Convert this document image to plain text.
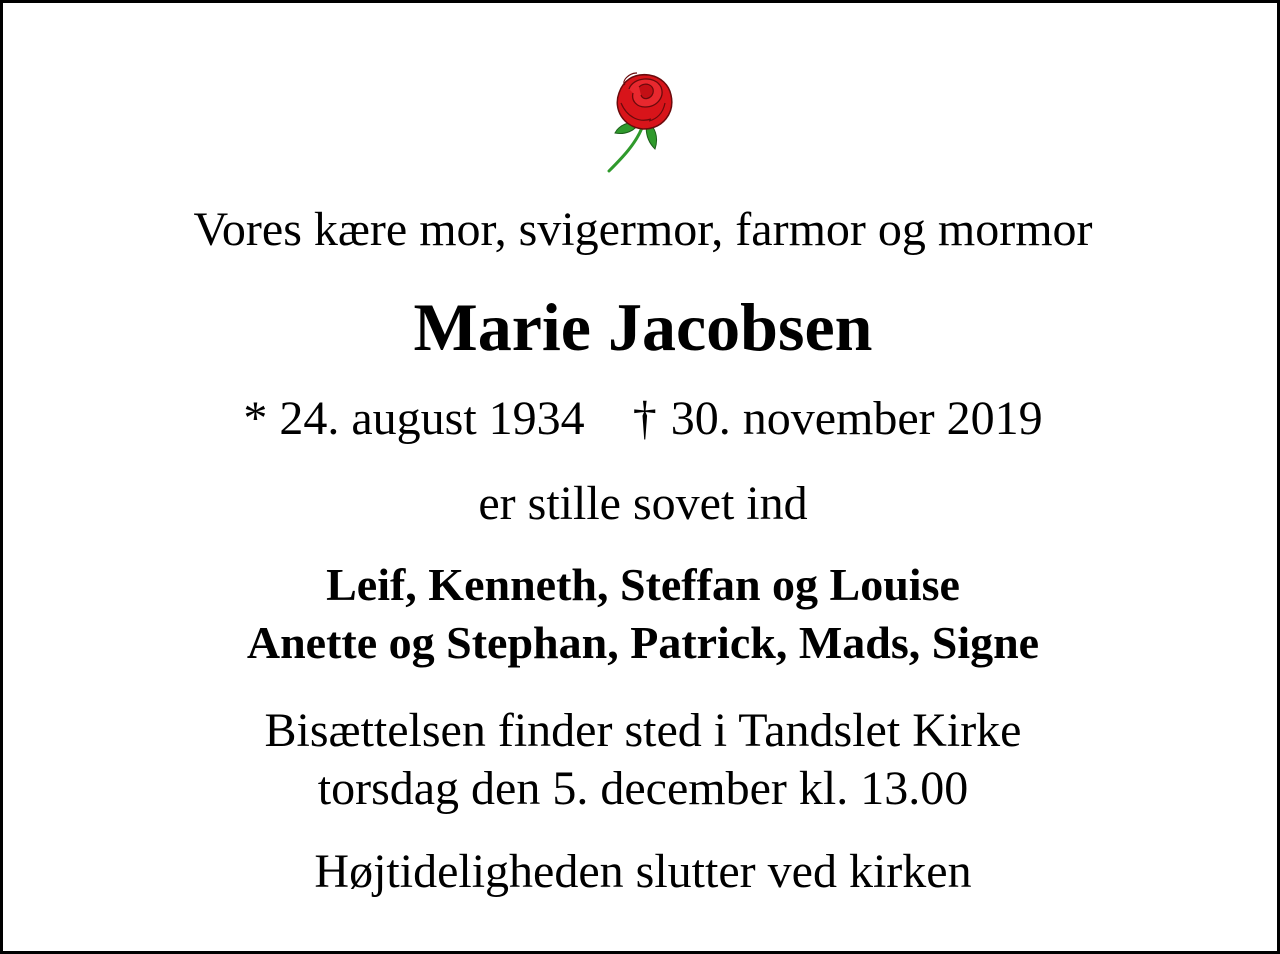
Vores kære mor, svigermor, farmor og mormor
Marie Jacobsen
* 24. august 1934 † 30. november 2019
er stille sovet ind
Leif, Kenneth, Steffan og Louise
Anette og Stephan, Patrick, Mads, Signe
Bisættelsen finder sted i Tandslet Kirke
torsdag den 5. december kl. 13.00
Højtideligheden slutter ved kirken
